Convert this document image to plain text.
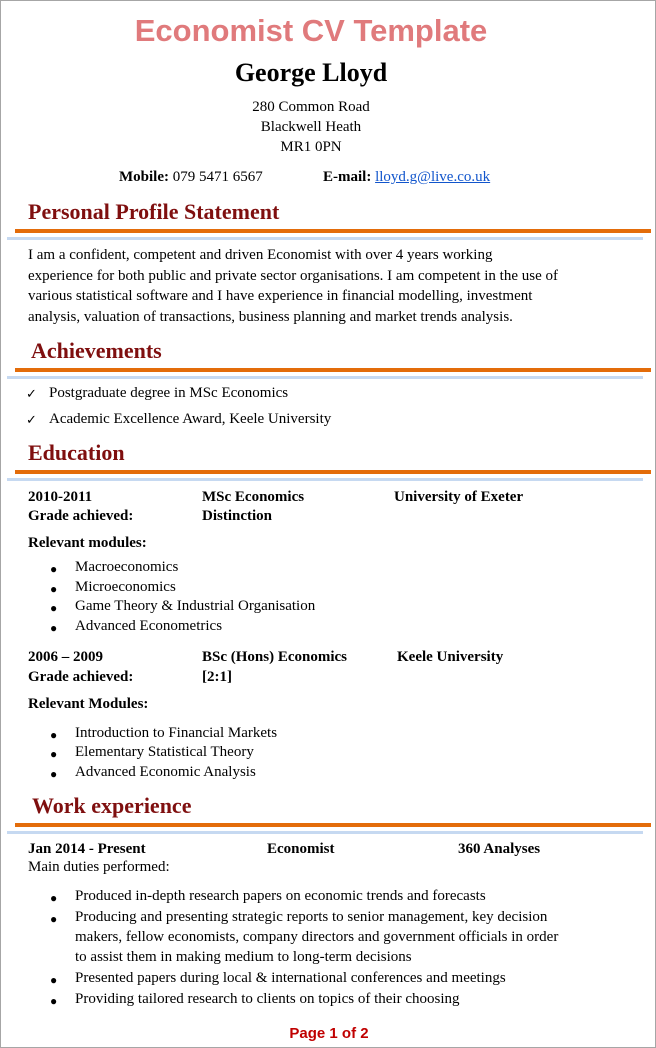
Economist CV Template
George Lloyd
280 Common Road
Blackwell Heath
MR1 0PN
Mobile: 079 5471 6567	E-mail: lloyd.g@live.co.uk
Personal Profile Statement
I am a confident, competent and driven Economist with over 4 years working
experience for both public and private sector organisations. I am competent in the use of
various statistical software and I have experience in financial modelling, investment
analysis, valuation of transactions, business planning and market trends analysis.
Achievements
✓ Postgraduate degree in MSc Economics
✓ Academic Excellence Award, Keele University
Education
2010-2011	MSc Economics	University of Exeter
Grade achieved:	Distinction
Relevant modules:
● Macroeconomics
● Microeconomics
● Game Theory & Industrial Organisation
● Advanced Econometrics
2006 – 2009	BSc (Hons) Economics	Keele University
Grade achieved:	[2:1]
Relevant Modules:
● Introduction to Financial Markets
● Elementary Statistical Theory
● Advanced Economic Analysis
Work experience
Jan 2014 - Present	Economist	360 Analyses
Main duties performed:
● Produced in-depth research papers on economic trends and forecasts
● Producing and presenting strategic reports to senior management, key decision
makers, fellow economists, company directors and government officials in order
to assist them in making medium to long-term decisions
● Presented papers during local & international conferences and meetings
● Providing tailored research to clients on topics of their choosing
Page 1 of 2
